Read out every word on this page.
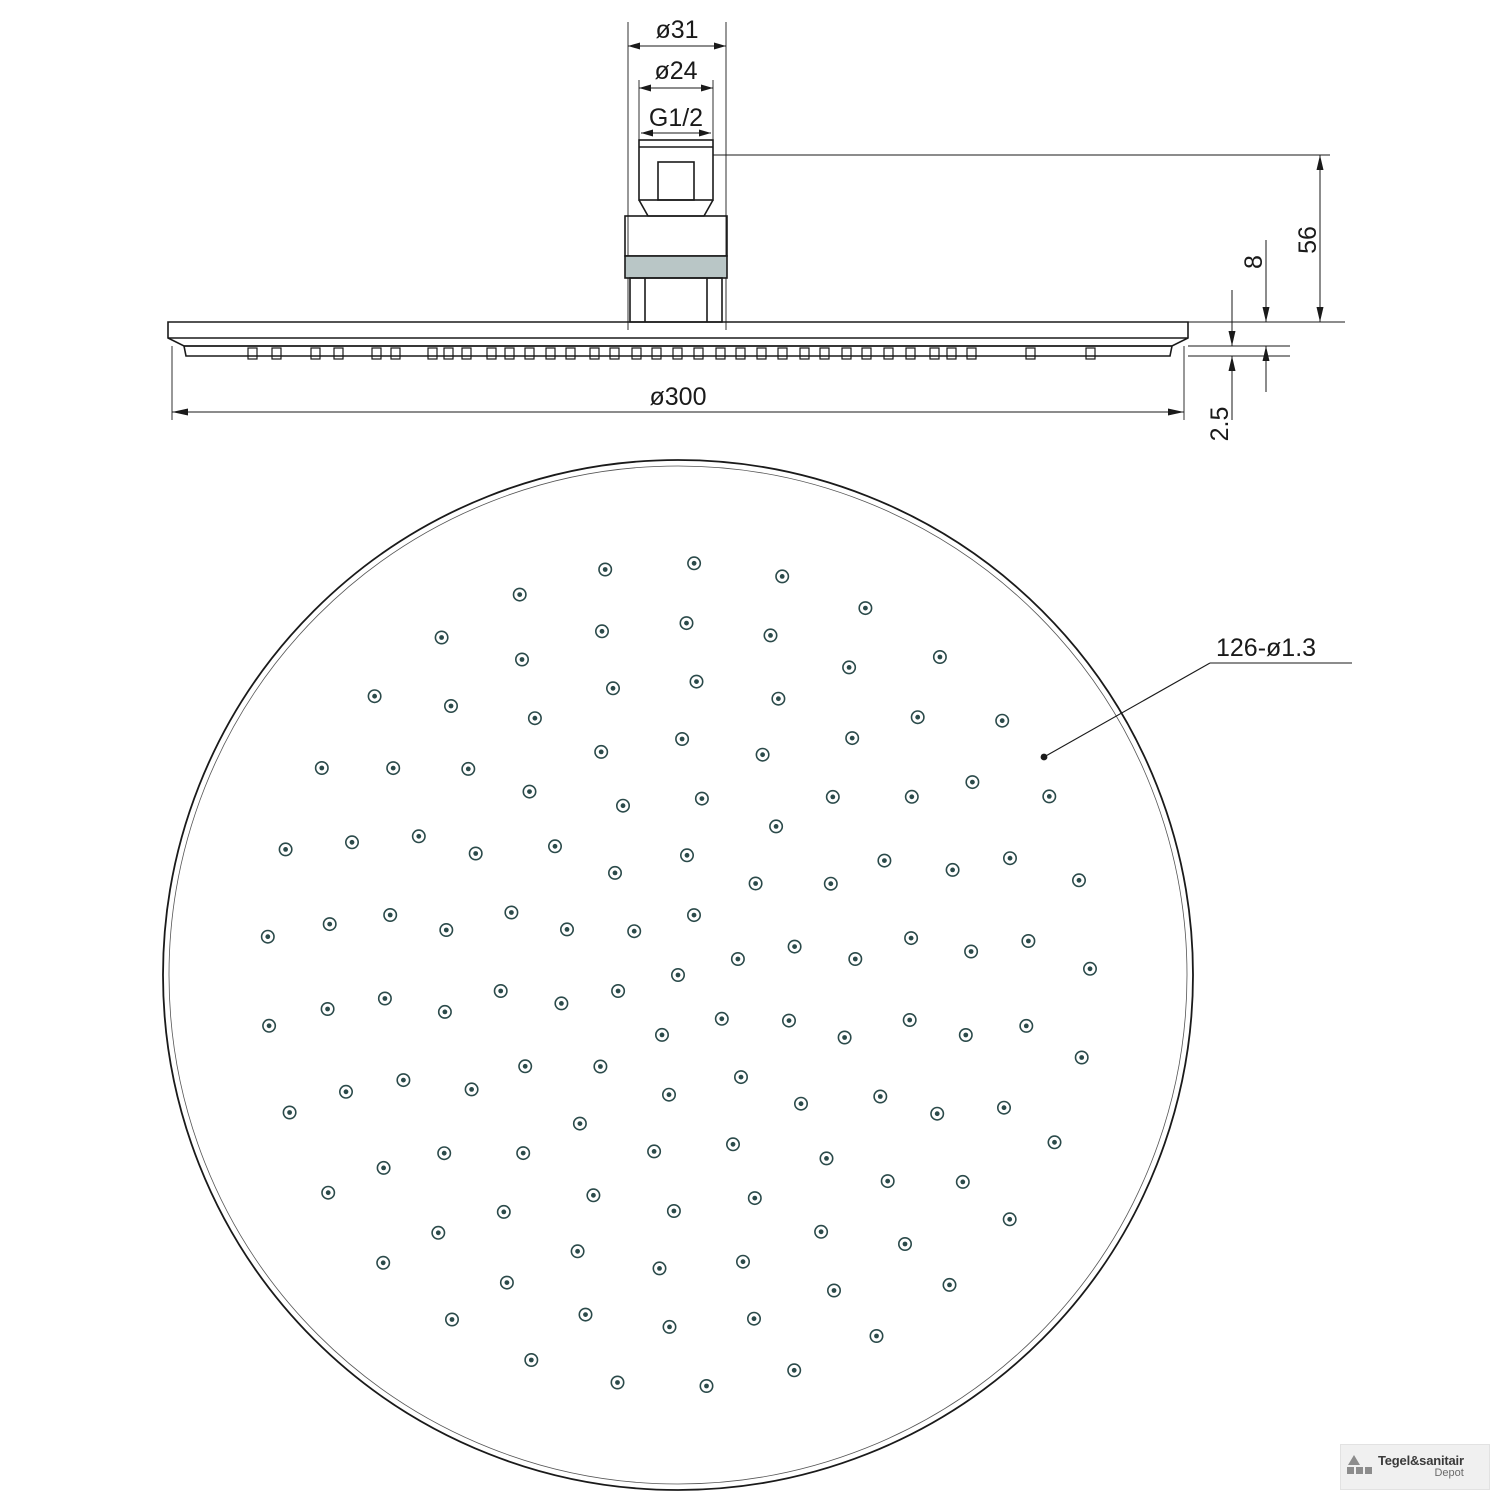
ø31
ø24
G1/2
56
8
2.5
ø300
126-ø1.3
Tegel&sanitair
Depot
